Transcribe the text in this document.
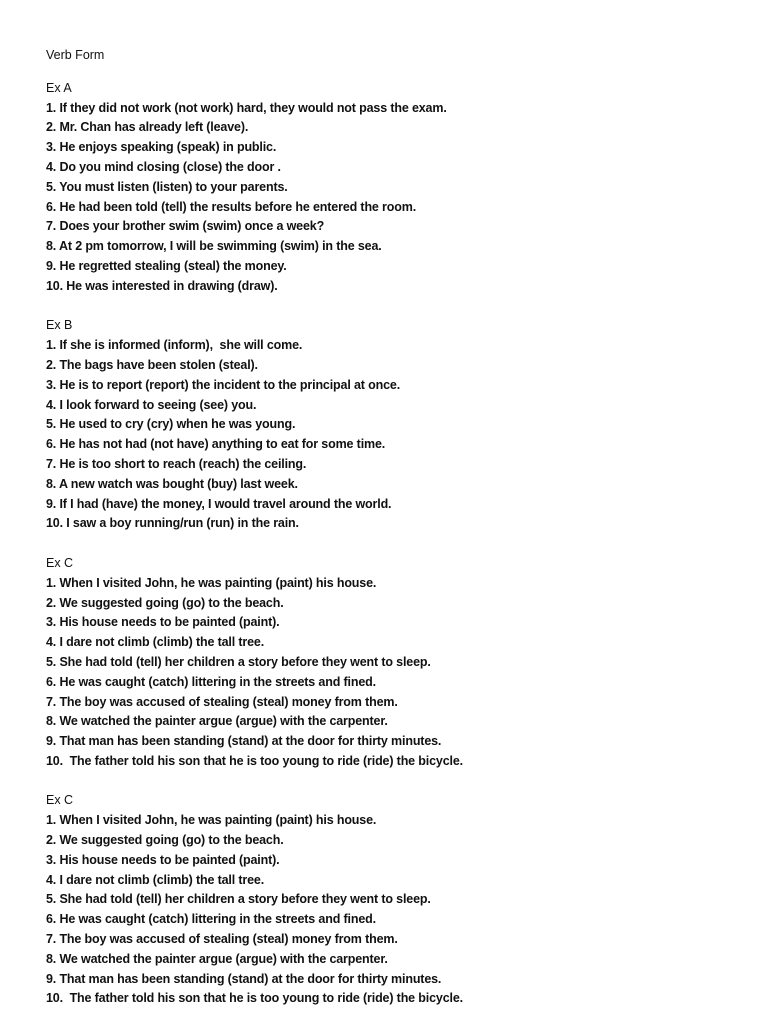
Verb Form
Ex A
1. If they did not work (not work) hard, they would not pass the exam.
2. Mr. Chan has already left (leave).
3. He enjoys speaking (speak) in public.
4. Do you mind closing (close) the door .
5. You must listen (listen) to your parents.
6. He had been told (tell) the results before he entered the room.
7. Does your brother swim (swim) once a week?
8. At 2 pm tomorrow, I will be swimming (swim) in the sea.
9. He regretted stealing (steal) the money.
10. He was interested in drawing (draw).
Ex B
1. If she is informed (inform),  she will come.
2. The bags have been stolen (steal).
3. He is to report (report) the incident to the principal at once.
4. I look forward to seeing (see) you.
5. He used to cry (cry) when he was young.
6. He has not had (not have) anything to eat for some time.
7. He is too short to reach (reach) the ceiling.
8. A new watch was bought (buy) last week.
9. If I had (have) the money, I would travel around the world.
10. I saw a boy running/run (run) in the rain.
Ex C
1. When I visited John, he was painting (paint) his house.
2. We suggested going (go) to the beach.
3. His house needs to be painted (paint).
4. I dare not climb (climb) the tall tree.
5. She had told (tell) her children a story before they went to sleep.
6. He was caught (catch) littering in the streets and fined.
7. The boy was accused of stealing (steal) money from them.
8. We watched the painter argue (argue) with the carpenter.
9. That man has been standing (stand) at the door for thirty minutes.
10.  The father told his son that he is too young to ride (ride) the bicycle.
Ex C
1. When I visited John, he was painting (paint) his house.
2. We suggested going (go) to the beach.
3. His house needs to be painted (paint).
4. I dare not climb (climb) the tall tree.
5. She had told (tell) her children a story before they went to sleep.
6. He was caught (catch) littering in the streets and fined.
7. The boy was accused of stealing (steal) money from them.
8. We watched the painter argue (argue) with the carpenter.
9. That man has been standing (stand) at the door for thirty minutes.
10.  The father told his son that he is too young to ride (ride) the bicycle.
